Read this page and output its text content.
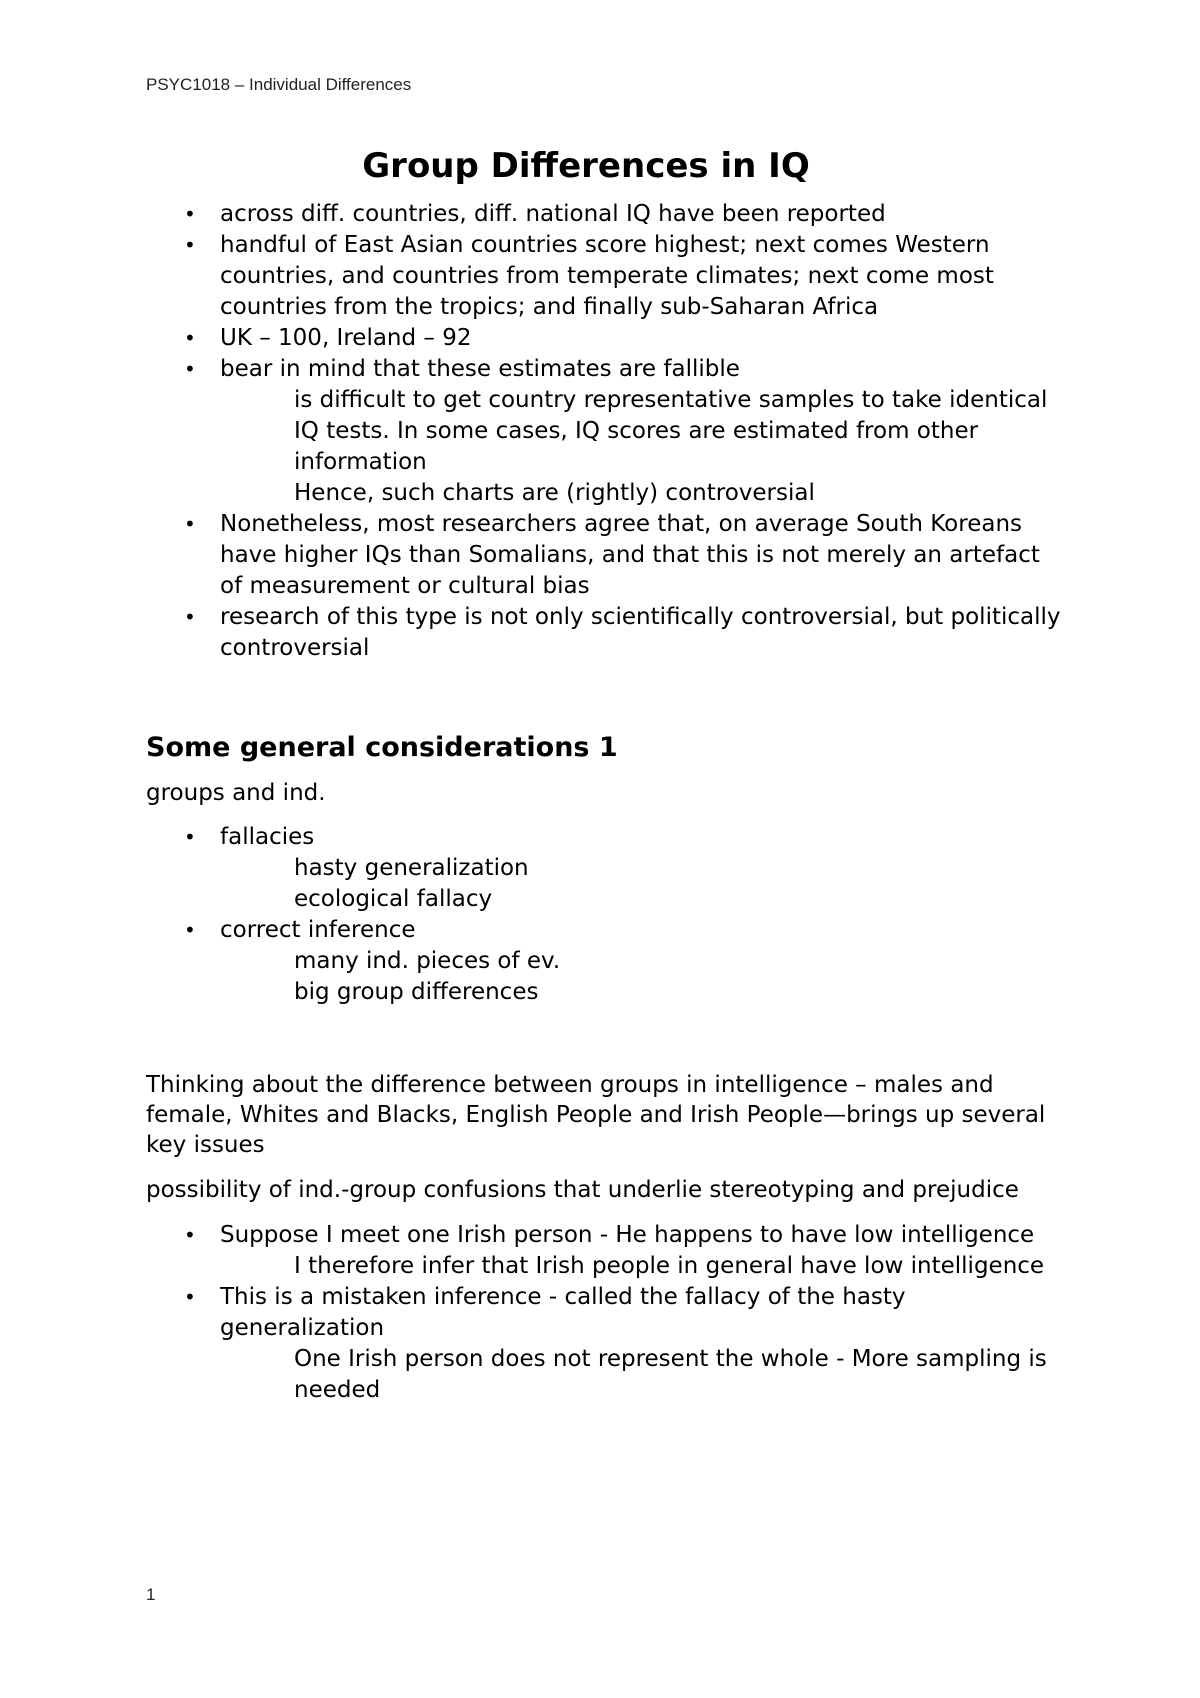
PSYC1018 – Individual Differences
Group Differences in IQ
• across diff. countries, diff. national IQ have been reported
• handful of East Asian countries score highest; next comes Western countries, and countries from temperate climates; next come most countries from the tropics; and finally sub-Saharan Africa
• UK – 100, Ireland – 92
• bear in mind that these estimates are fallible
is difficult to get country representative samples to take identical IQ tests. In some cases, IQ scores are estimated from other information
Hence, such charts are (rightly) controversial
• Nonetheless, most researchers agree that, on average South Koreans have higher IQs than Somalians, and that this is not merely an artefact of measurement or cultural bias
• research of this type is not only scientifically controversial, but politically controversial
Some general considerations 1

groups and ind.

• fallacies
hasty generalization
ecological fallacy
• correct inference
many ind. pieces of ev.
big group differences

Thinking about the difference between groups in intelligence – males and female, Whites and Blacks, English People and Irish People—brings up several key issues

possibility of ind.-group confusions that underlie stereotyping and prejudice

• Suppose I meet one Irish person - He happens to have low intelligence
I therefore infer that Irish people in general have low intelligence
• This is a mistaken inference - called the fallacy of the hasty generalization
One Irish person does not represent the whole - More sampling is needed
1
